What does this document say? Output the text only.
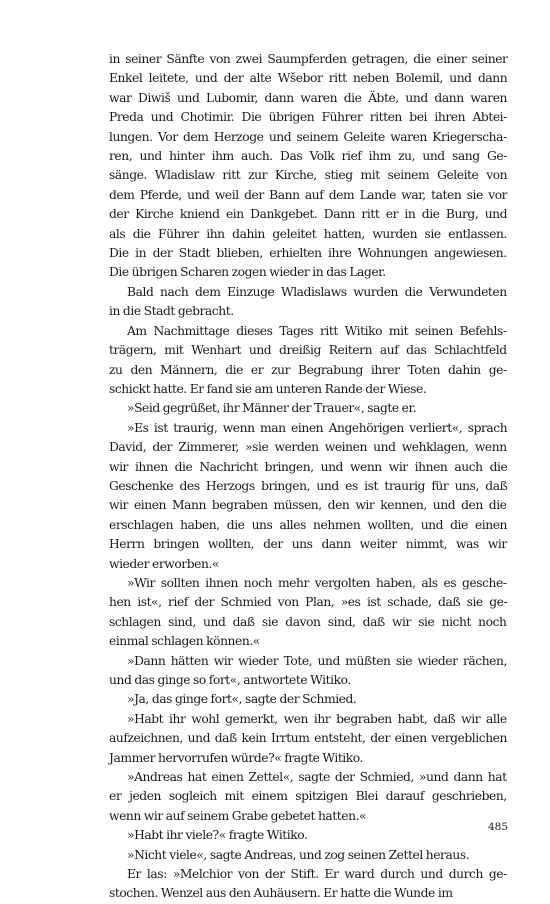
in seiner Sänfte von zwei Saumpferden getragen, die einer seiner
Enkel leitete, und der alte Wšebor ritt neben Bolemil, und dann
war Diwiš und Lubomir, dann waren die Äbte, und dann waren
Preda und Chotimir. Die übrigen Führer ritten bei ihren Abtei-
lungen. Vor dem Herzoge und seinem Geleite waren Kriegerscha-
ren, und hinter ihm auch. Das Volk rief ihm zu, und sang Ge-
sänge. Wladislaw ritt zur Kirche, stieg mit seinem Geleite von
dem Pferde, und weil der Bann auf dem Lande war, taten sie vor
der Kirche kniend ein Dankgebet. Dann ritt er in die Burg, und
als die Führer ihn dahin geleitet hatten, wurden sie entlassen.
Die in der Stadt blieben, erhielten ihre Wohnungen angewiesen.
Die übrigen Scharen zogen wieder in das Lager.
Bald nach dem Einzuge Wladislaws wurden die Verwundeten
in die Stadt gebracht.
Am Nachmittage dieses Tages ritt Witiko mit seinen Befehls-
trägern, mit Wenhart und dreißig Reitern auf das Schlachtfeld
zu den Männern, die er zur Begrabung ihrer Toten dahin ge-
schickt hatte. Er fand sie am unteren Rande der Wiese.
»Seid gegrüßet, ihr Männer der Trauer«, sagte er.
»Es ist traurig, wenn man einen Angehörigen verliert«, sprach
David, der Zimmerer, »sie werden weinen und wehklagen, wenn
wir ihnen die Nachricht bringen, und wenn wir ihnen auch die
Geschenke des Herzogs bringen, und es ist traurig für uns, daß
wir einen Mann begraben müssen, den wir kennen, und den die
erschlagen haben, die uns alles nehmen wollten, und die einen
Herrn bringen wollten, der uns dann weiter nimmt, was wir
wieder erworben.«
»Wir sollten ihnen noch mehr vergolten haben, als es gesche-
hen ist«, rief der Schmied von Plan, »es ist schade, daß sie ge-
schlagen sind, und daß sie davon sind, daß wir sie nicht noch
einmal schlagen können.«
»Dann hätten wir wieder Tote, und müßten sie wieder rächen,
und das ginge so fort«, antwortete Witiko.
»Ja, das ginge fort«, sagte der Schmied.
»Habt ihr wohl gemerkt, wen ihr begraben habt, daß wir alle
aufzeichnen, und daß kein Irrtum entsteht, der einen vergeblichen
Jammer hervorrufen würde?« fragte Witiko.
»Andreas hat einen Zettel«, sagte der Schmied, »und dann hat
er jeden sogleich mit einem spitzigen Blei darauf geschrieben,
wenn wir auf seinem Grabe gebetet hatten.«
»Habt ihr viele?« fragte Witiko.
»Nicht viele«, sagte Andreas, und zog seinen Zettel heraus.
Er las: »Melchior von der Stift. Er ward durch und durch ge-
stochen. Wenzel aus den Auhäusern. Er hatte die Wunde im
485
